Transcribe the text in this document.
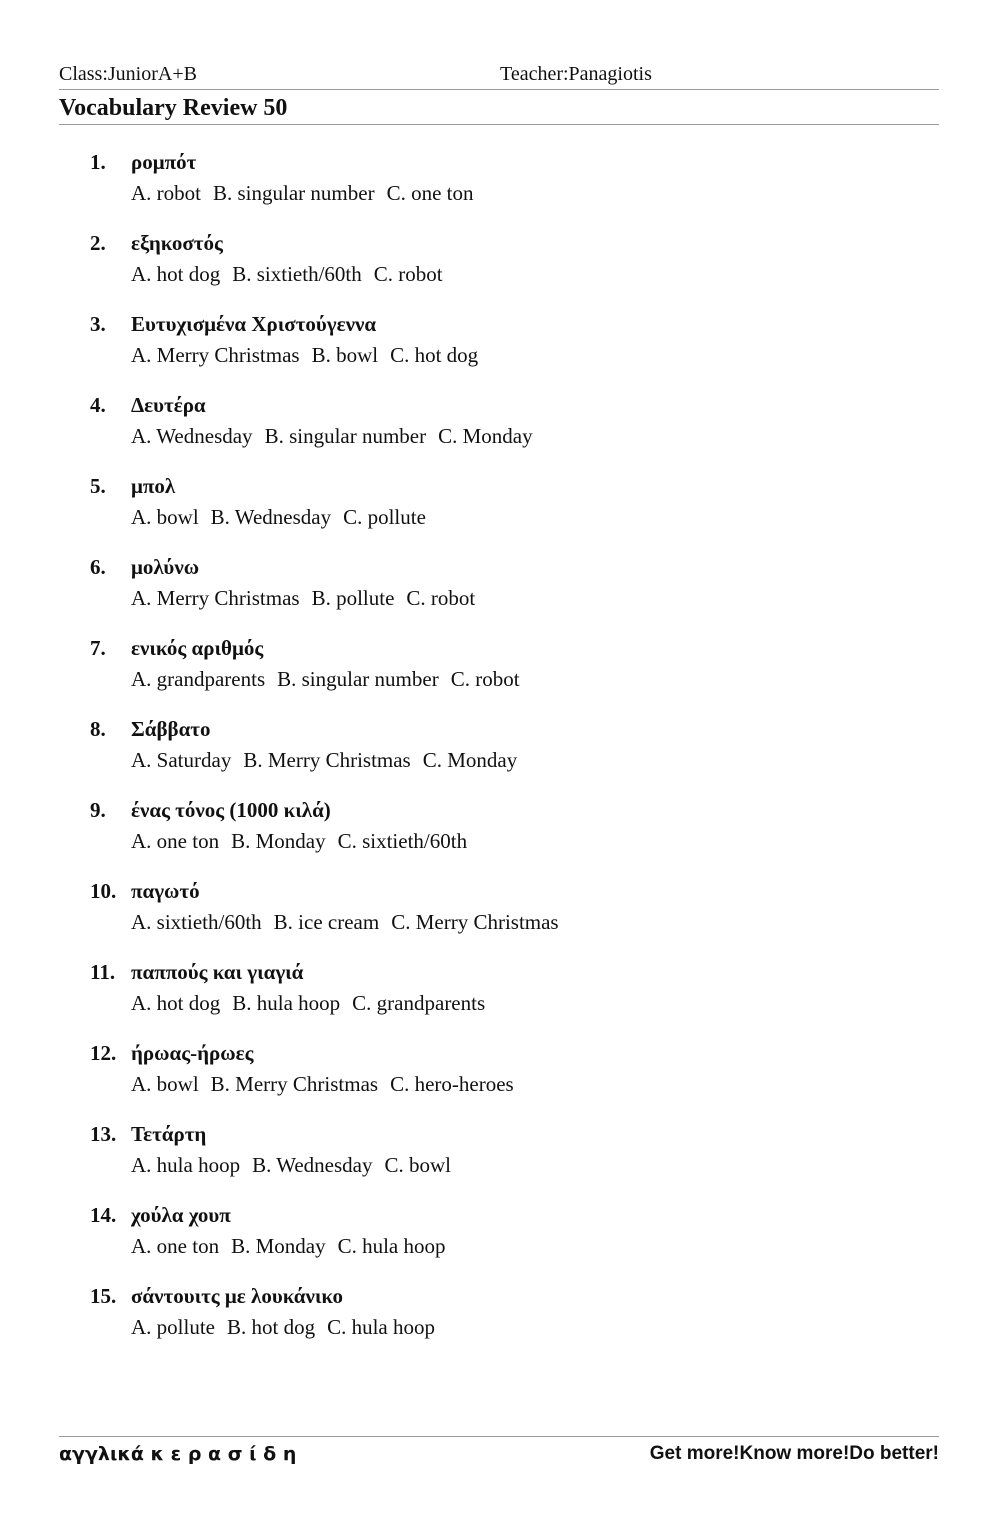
Class:JuniorA+B	Teacher:Panagiotis
Vocabulary Review 50
1. ρομπότ
A. robot B. singular number C. one ton
2. εξηκοστός
A. hot dog B. sixtieth/60th C. robot
3. Ευτυχισμένα Χριστούγεννα
A. Merry Christmas B. bowl C. hot dog
4. Δευτέρα
A. Wednesday B. singular number C. Monday
5. μπολ
A. bowl B. Wednesday C. pollute
6. μολύνω
A. Merry Christmas B. pollute C. robot
7. ενικός αριθμός
A. grandparents B. singular number C. robot
8. Σάββατο
A. Saturday B. Merry Christmas C. Monday
9. ένας τόνος (1000 κιλά)
A. one ton B. Monday C. sixtieth/60th
10. παγωτό
A. sixtieth/60th B. ice cream C. Merry Christmas
11. παππούς και γιαγιά
A. hot dog B. hula hoop C. grandparents
12. ήρωας-ήρωες
A. bowl B. Merry Christmas C. hero-heroes
13. Τετάρτη
A. hula hoop B. Wednesday C. bowl
14. χούλα χουπ
A. one ton B. Monday C. hula hoop
15. σάντουιτς με λουκάνικο
A. pollute B. hot dog C. hula hoop
αγγλικά κ ε ρ α σ ί δ η	Get more!Know more!Do better!
